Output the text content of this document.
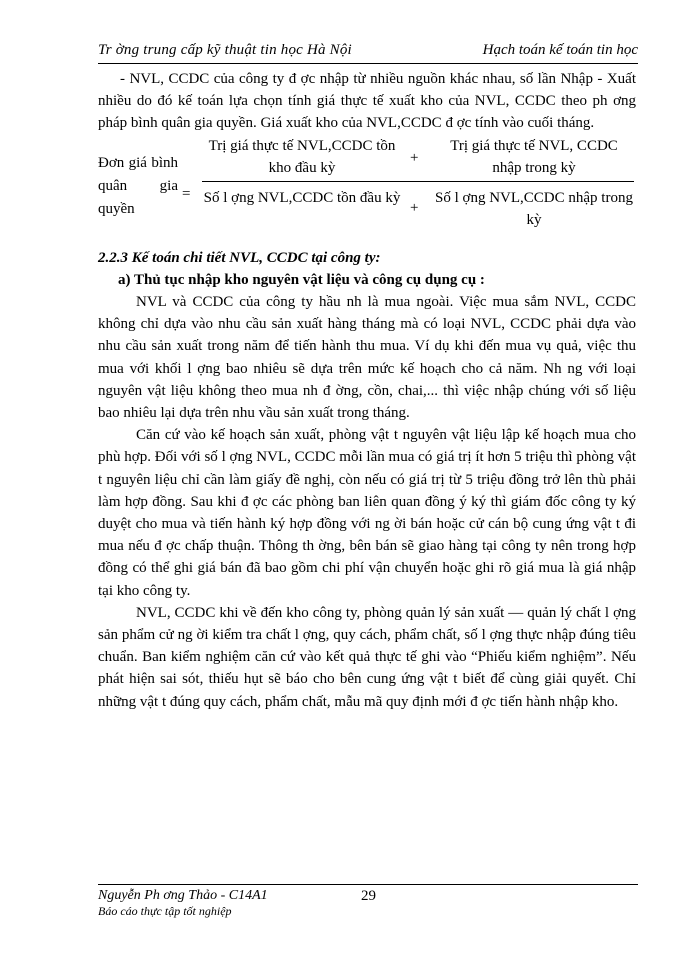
Tr ờng trung cấp kỹ thuật tin học Hà Nội	Hạch toán kế toán tin học

- NVL, CCDC của công ty đ ợc nhập từ nhiều nguồn khác nhau, số lần Nhập - Xuất nhiều do đó kế toán lựa chọn tính giá thực tế xuất kho của NVL, CCDC theo ph ơng pháp bình quân gia quyền. Giá xuất kho của NVL,CCDC đ ợc tính vào cuối tháng.

Đơn giá bình quân gia quyền
=
Trị giá thực tế NVL,CCDC tồn kho đầu kỳ
+
Trị giá thực tế NVL, CCDC nhập trong kỳ
Số l ợng NVL,CCDC tồn đầu kỳ
+
Số l ợng NVL,CCDC nhập trong kỳ

2.2.3 Kế toán chi tiết NVL, CCDC tại công ty:

a) Thủ tục nhập kho nguyên vật liệu và công cụ dụng cụ :

NVL và CCDC của công ty hầu nh là mua ngoài. Việc mua sắm NVL, CCDC không chỉ dựa vào nhu cầu sản xuất hàng tháng mà có loại NVL, CCDC phải dựa vào nhu cầu sản xuất trong năm để tiến hành thu mua. Ví dụ khi đến mua vụ quả, việc thu mua với khối l ợng bao nhiêu sẽ dựa trên mức kế hoạch cho cả năm. Nh ng với loại nguyên vật liệu không theo mua nh đ ờng, cồn, chai,... thì việc nhập chúng với số liệu bao nhiêu lại dựa trên nhu vầu sản xuất trong tháng.

Căn cứ vào kế hoạch sản xuất, phòng vật t nguyên vật liệu lập kế hoạch mua cho phù hợp. Đối với số l ợng NVL, CCDC mỗi lần mua có giá trị ít hơn 5 triệu thì phòng vật t nguyên liệu chỉ cần làm giấy đề nghị, còn nếu có giá trị từ 5 triệu đồng trở lên thù phải làm hợp đồng. Sau khi đ ợc các phòng ban liên quan đồng ý ký thì giám đốc công ty ký duyệt cho mua và tiến hành ký hợp đồng với ng ời bán hoặc cử cán bộ cung ứng vật t đi mua nếu đ ợc chấp thuận. Thông th ờng, bên bán sẽ giao hàng tại công ty nên trong hợp đồng có thể ghi giá bán đã bao gồm chi phí vận chuyển hoặc ghi rõ giá mua là giá nhập tại kho công ty.

NVL, CCDC khi về đến kho công ty, phòng quản lý sản xuất — quản lý chất l ợng sản phẩm cử ng ời kiểm tra chất l ợng, quy cách, phẩm chất, số l ợng thực nhập đúng tiêu chuẩn. Ban kiểm nghiệm căn cứ vào kết quả thực tế ghi vào “Phiếu kiểm nghiệm”. Nếu phát hiện sai sót, thiếu hụt sẽ báo cho bên cung ứng vật t biết để cùng giải quyết. Chỉ những vật t đúng quy cách, phẩm chất, mẫu mã quy định mới đ ợc tiến hành nhập kho.

Nguyễn Ph ơng Thảo - C14A1	29
Báo cáo thực tập tốt nghiệp
